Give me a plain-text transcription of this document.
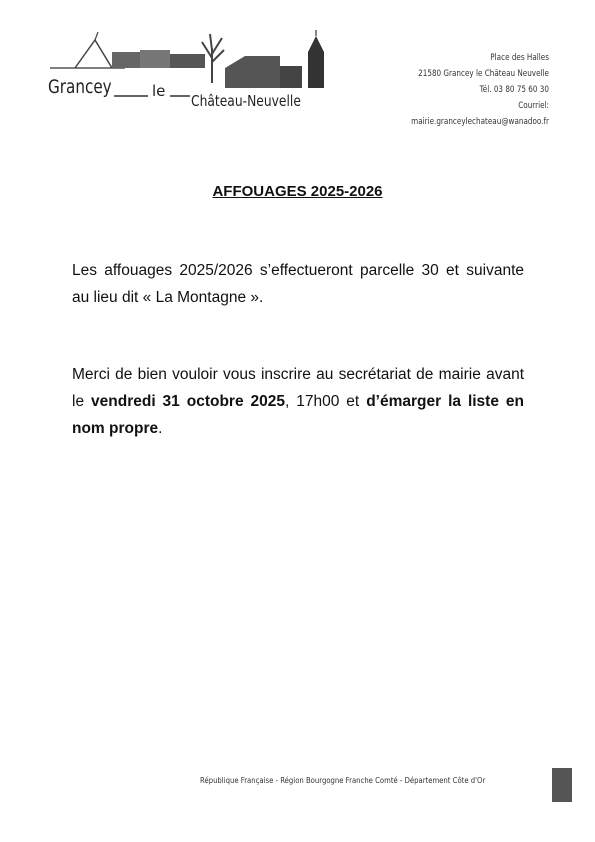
Grancey	le
Château-Neuvelle
Place des Halles
21580 Grancey le Château Neuvelle
Tél. 03 80 75 60 30
Courriel: mairie.granceylechateau@wanadoo.fr
AFFOUAGES 2025-2026
Les affouages 2025/2026 s’effectueront parcelle 30 et suivante au lieu dit « La Montagne ».
Merci de bien vouloir vous inscrire au secrétariat de mairie avant le vendredi 31 octobre 2025, 17h00 et d’émarger la liste en nom propre.
République Française - Région Bourgogne Franche Comté - Département Côte d'Or
